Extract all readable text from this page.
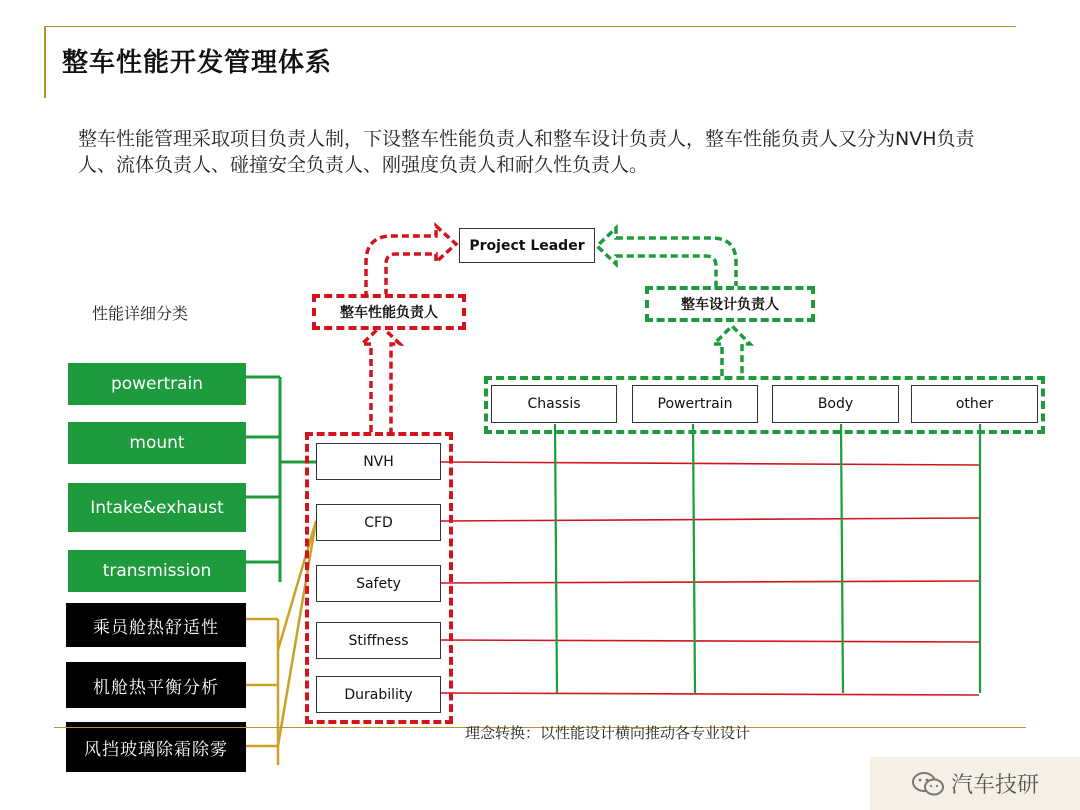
整车性能开发管理体系
整车性能管理采取项目负责人制，下设整车性能负责人和整车设计负责人，整车性能负责人又分为NVH负责人、流体负责人、碰撞安全负责人、刚强度负责人和耐久性负责人。
Project Leader
整车性能负责人	整车设计负责人
性能详细分类
powertrain
mount
Intake&exhaust
transmission
乘员舱热舒适性
机舱热平衡分析
风挡玻璃除霜除雾
NVH
CFD
Safety
Stiffness
Durability
Chassis	Powertrain	Body	other
理念转换：以性能设计横向推动各专业设计
汽车技研
